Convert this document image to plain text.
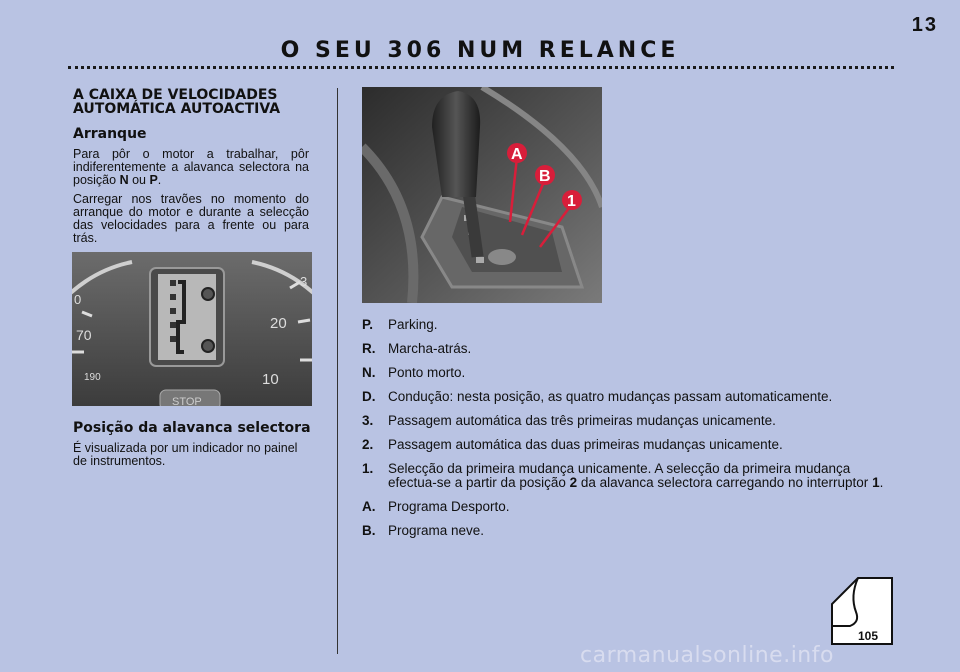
13
O SEU 306 NUM RELANCE
A CAIXA DE VELOCIDADES AUTOMÁTICA AUTOACTIVA
Arranque

Para pôr o motor a trabalhar, pôr indiferentemente a alavanca selectora na posição N ou P.

Carregar nos travões no momento do arranque do motor e durante a selecção das velocidades para a frente ou para trás.

0
70
190
3
20
10
STOP
Posição da alavanca selectora

É visualizada por um indicador no painel de instrumentos.

A
B
1
P.	Parking.
R. Marcha-atrás.
N. Ponto morto.
D. Condução: nesta posição, as quatro mudanças passam automaticamente.
3.	Passagem automática das três primeiras mudanças unicamente.
2.	Passagem automática das duas primeiras mudanças unicamente.
1.	Selecção da primeira mudança unicamente. A selecção da primeira mudança efectua-se a partir da posição 2 da alavanca selectora carregando no interruptor 1.
A. Programa Desporto.
B. Programa neve.
105
carmanualsonline.info
